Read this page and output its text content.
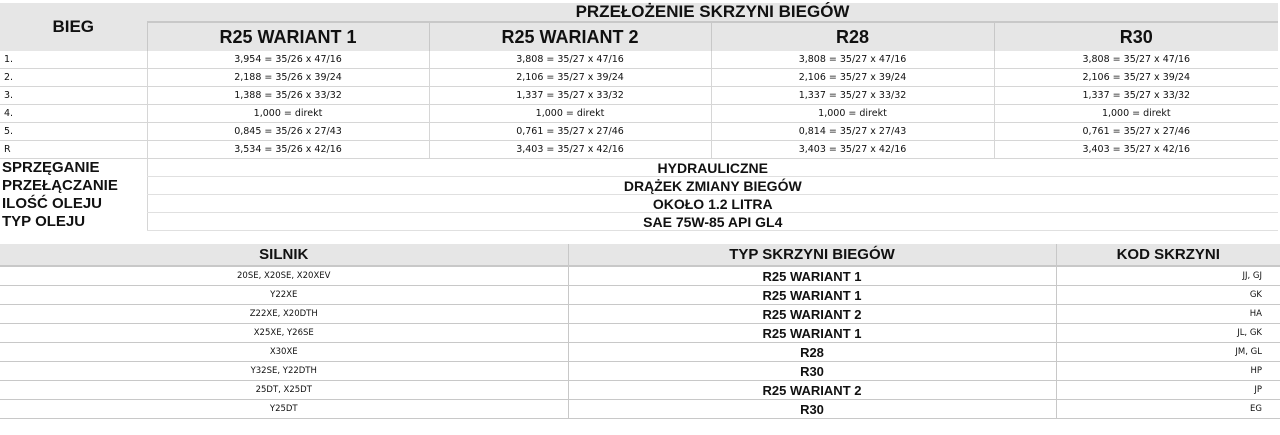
BIEG	PRZEŁOŻENIE SKRZYNI BIEGÓW			
	R25 WARIANT 1	R25 WARIANT 2	R28	R30
1.	3,954 = 35/26 x 47/16	3,808 = 35/27 x 47/16	3,808 = 35/27 x 47/16	3,808 = 35/27 x 47/16
2.	2,188 = 35/26 x 39/24	2,106 = 35/27 x 39/24	2,106 = 35/27 x 39/24	2,106 = 35/27 x 39/24
3.	1,388 = 35/26 x 33/32	1,337 = 35/27 x 33/32	1,337 = 35/27 x 33/32	1,337 = 35/27 x 33/32
4.	1,000 = direkt	1,000 = direkt	1,000 = direkt	1,000 = direkt
5.	0,845 = 35/26 x 27/43	0,761 = 35/27 x 27/46	0,814 = 35/27 x 27/43	0,761 = 35/27 x 27/46
R	3,534 = 35/26 x 42/16	3,403 = 35/27 x 42/16	3,403 = 35/27 x 42/16	3,403 = 35/27 x 42/16
SPRZĘGANIE	HYDRAULICZNE			
PRZEŁĄCZANIE	DRĄŻEK ZMIANY BIEGÓW			
ILOŚĆ OLEJU	OKOŁO 1.2 LITRA			
TYP OLEJU	SAE 75W-85 API GL4			
SILNIK	TYP SKRZYNI BIEGÓW	KOD SKRZYNI
20SE, X20SE, X20XEV	R25 WARIANT 1	JJ, GJ
Y22XE	R25 WARIANT 1	GK
Z22XE, X20DTH	R25 WARIANT 2	HA
X25XE, Y26SE	R25 WARIANT 1	JL, GK
X30XE	R28	JM, GL
Y32SE, Y22DTH	R30	HP
25DT, X25DT	R25 WARIANT 2	JP
Y25DT	R30	EG
